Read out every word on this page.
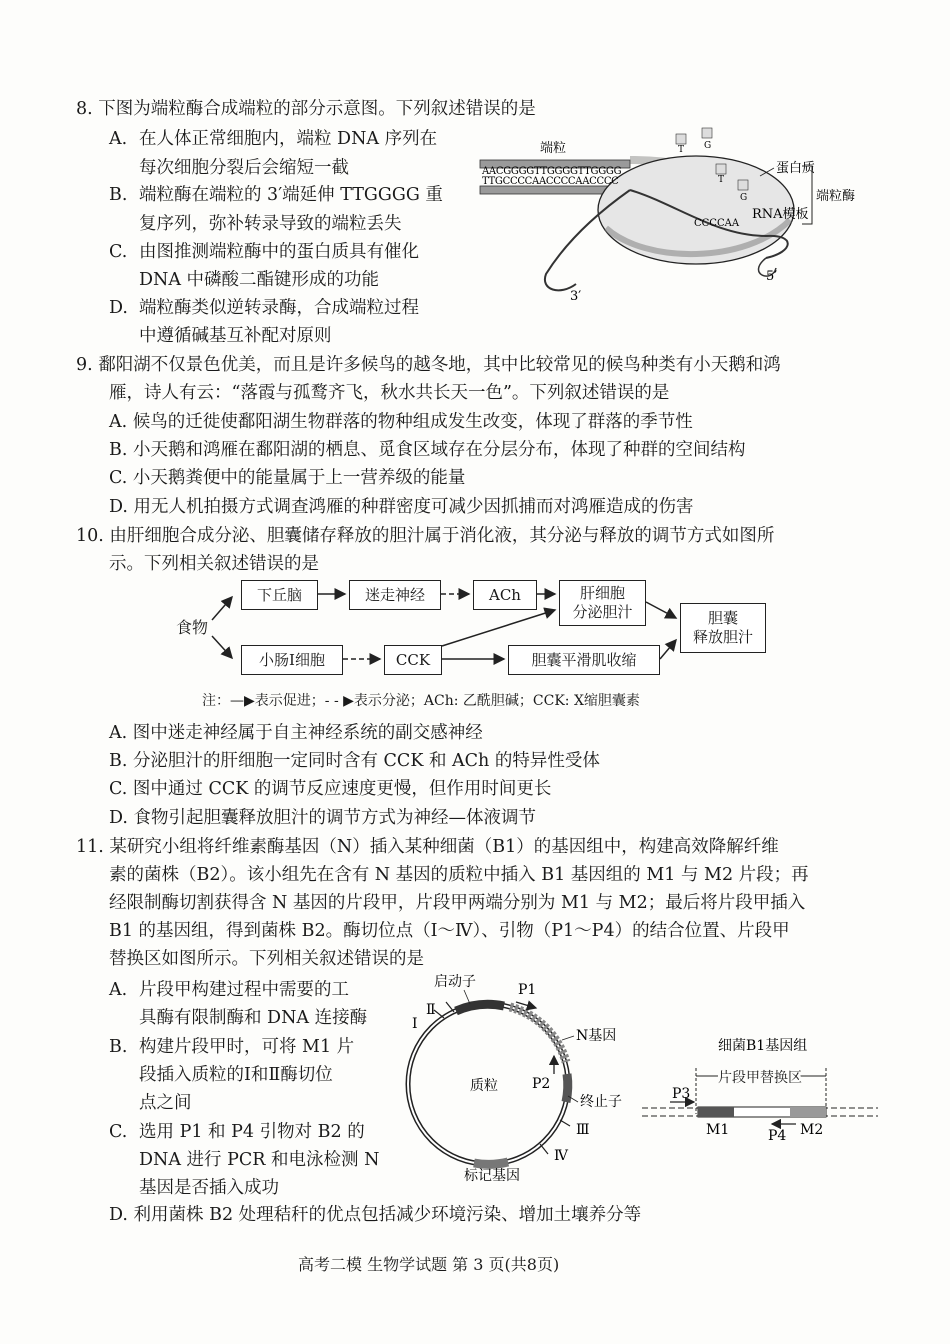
8. 下图为端粒酶合成端粒的部分示意图。下列叙述错误的是
A. 在人体正常细胞内，端粒 DNA 序列在
每次细胞分裂后会缩短一截
B. 端粒酶在端粒的 3′端延伸 TTGGGG 重
复序列，弥补转录导致的端粒丢失
C. 由图推测端粒酶中的蛋白质具有催化
DNA 中磷酸二酯键形成的功能
D. 端粒酶类似逆转录酶，合成端粒过程
中遵循碱基互补配对原则
3′
5′
AACGGGGTTGGGGTTGGGG
TTGCCCCAACCCCAACCCC
CCCCAA
T G
T
G
端粒
蛋白质
RNA模板
端粒酶
9. 鄱阳湖不仅景色优美，而且是许多候鸟的越冬地，其中比较常见的候鸟种类有小天鹅和鸿
雁，诗人有云：“落霞与孤鹜齐飞，秋水共长天一色”。下列叙述错误的是
A. 候鸟的迁徙使鄱阳湖生物群落的物种组成发生改变，体现了群落的季节性
B. 小天鹅和鸿雁在鄱阳湖的栖息、觅食区域存在分层分布，体现了种群的空间结构
C. 小天鹅粪便中的能量属于上一营养级的能量
D. 用无人机拍摄方式调查鸿雁的种群密度可减少因抓捕而对鸿雁造成的伤害
10. 由肝细胞合成分泌、胆囊储存释放的胆汁属于消化液，其分泌与释放的调节方式如图所
示。下列相关叙述错误的是
食物
下丘脑	迷走神经	ACh	肝细胞
分泌胆汁	胆囊
释放胆汁
小肠Ⅰ细胞	CCK	胆囊平滑肌收缩
注：—▶表示促进；- - ▶表示分泌；ACh: 乙酰胆碱；CCK: X缩胆囊素
A. 图中迷走神经属于自主神经系统的副交感神经
B. 分泌胆汁的肝细胞一定同时含有 CCK 和 ACh 的特异性受体
C. 图中通过 CCK 的调节反应速度更慢，但作用时间更长
D. 食物引起胆囊释放胆汁的调节方式为神经—体液调节
11. 某研究小组将纤维素酶基因（N）插入某种细菌（B1）的基因组中，构建高效降解纤维
素的菌株（B2）。该小组先在含有 N 基因的质粒中插入 B1 基因组的 M1 与 M2 片段；再
经限制酶切割获得含 N 基因的片段甲，片段甲两端分别为 M1 与 M2；最后将片段甲插入
B1 的基因组，得到菌株 B2。酶切位点（Ⅰ～Ⅳ）、引物（P1～P4）的结合位置、片段甲
替换区如图所示。下列相关叙述错误的是
A. 片段甲构建过程中需要的工
具酶有限制酶和 DNA 连接酶
B. 构建片段甲时，可将 M1 片
段插入质粒的Ⅰ和Ⅱ酶切位
点之间
C. 选用 P1 和 P4 引物对 B2 的
DNA 进行 PCR 和电泳检测 N
基因是否插入成功
D. 利用菌株 B2 处理秸秆的优点包括减少环境污染、增加土壤养分等
启动子	P1
N基因
质粒 P2
终止子
Ⅰ
Ⅱ
Ⅲ
Ⅳ
标记基因
细菌B1基因组
片段甲替换区
P3
M1	P4 M2
高考二模 生物学试题 第 3 页(共8页)
